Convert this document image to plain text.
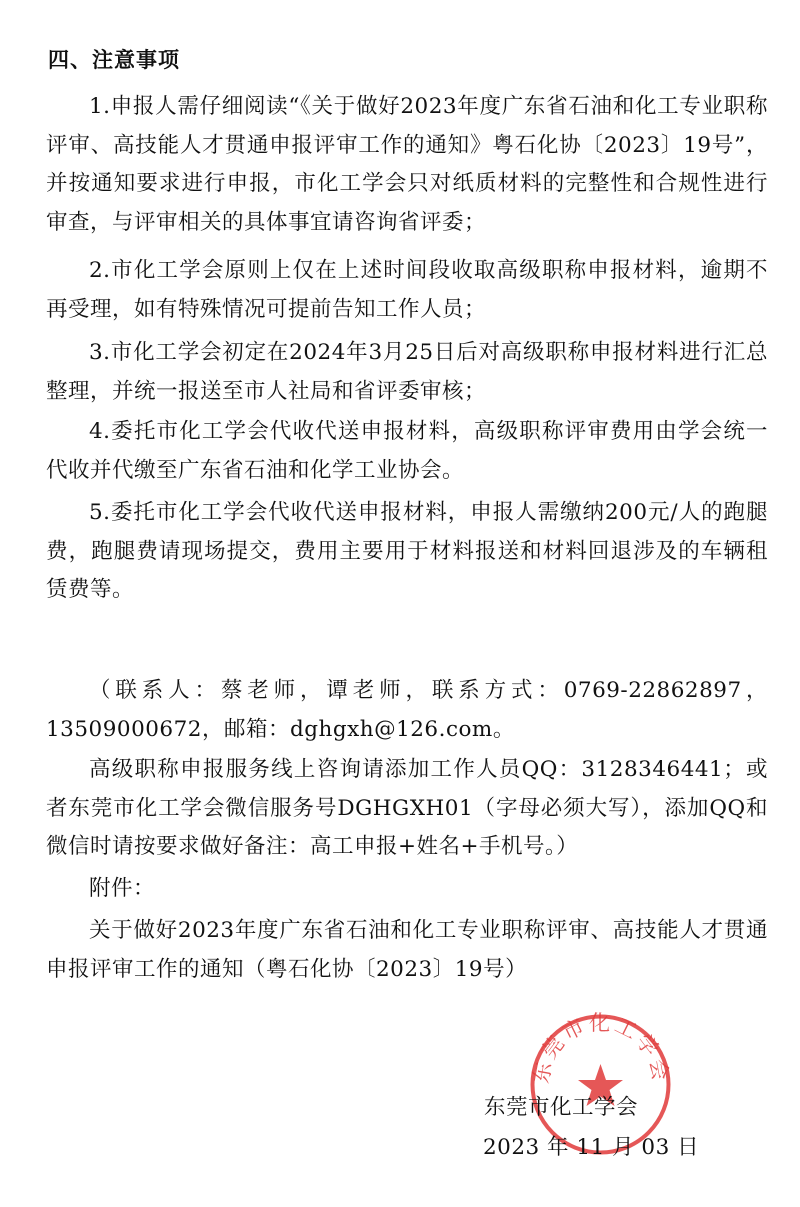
四、注意事项

1.申报人需仔细阅读“《关于做好2023年度广东省石油和化工专业职称评审、高技能人才贯通申报评审工作的通知》粤石化协〔2023〕19号”，并按通知要求进行申报，市化工学会只对纸质材料的完整性和合规性进行审查，与评审相关的具体事宜请咨询省评委；

2.市化工学会原则上仅在上述时间段收取高级职称申报材料，逾期不再受理，如有特殊情况可提前告知工作人员；

3.市化工学会初定在2024年3月25日后对高级职称申报材料进行汇总整理，并统一报送至市人社局和省评委审核；

4.委托市化工学会代收代送申报材料，高级职称评审费用由学会统一代收并代缴至广东省石油和化学工业协会。

5.委托市化工学会代收代送申报材料，申报人需缴纳200元/人的跑腿费，跑腿费请现场提交，费用主要用于材料报送和材料回退涉及的车辆租赁费等。

（联系人：蔡老师，谭老师，联系方式：0769-22862897，13509000672，邮箱：dghgxh@126.com。

高级职称申报服务线上咨询请添加工作人员QQ：3128346441；或者东莞市化工学会微信服务号DGHGXH01（字母必须大写），添加QQ和微信时请按要求做好备注：高工申报+姓名+手机号。）

附件：

关于做好2023年度广东省石油和化工专业职称评审、高技能人才贯通申报评审工作的通知（粤石化协〔2023〕19号）

东莞市化工学会
东莞市化工学会
2023 年 11 月 03 日
